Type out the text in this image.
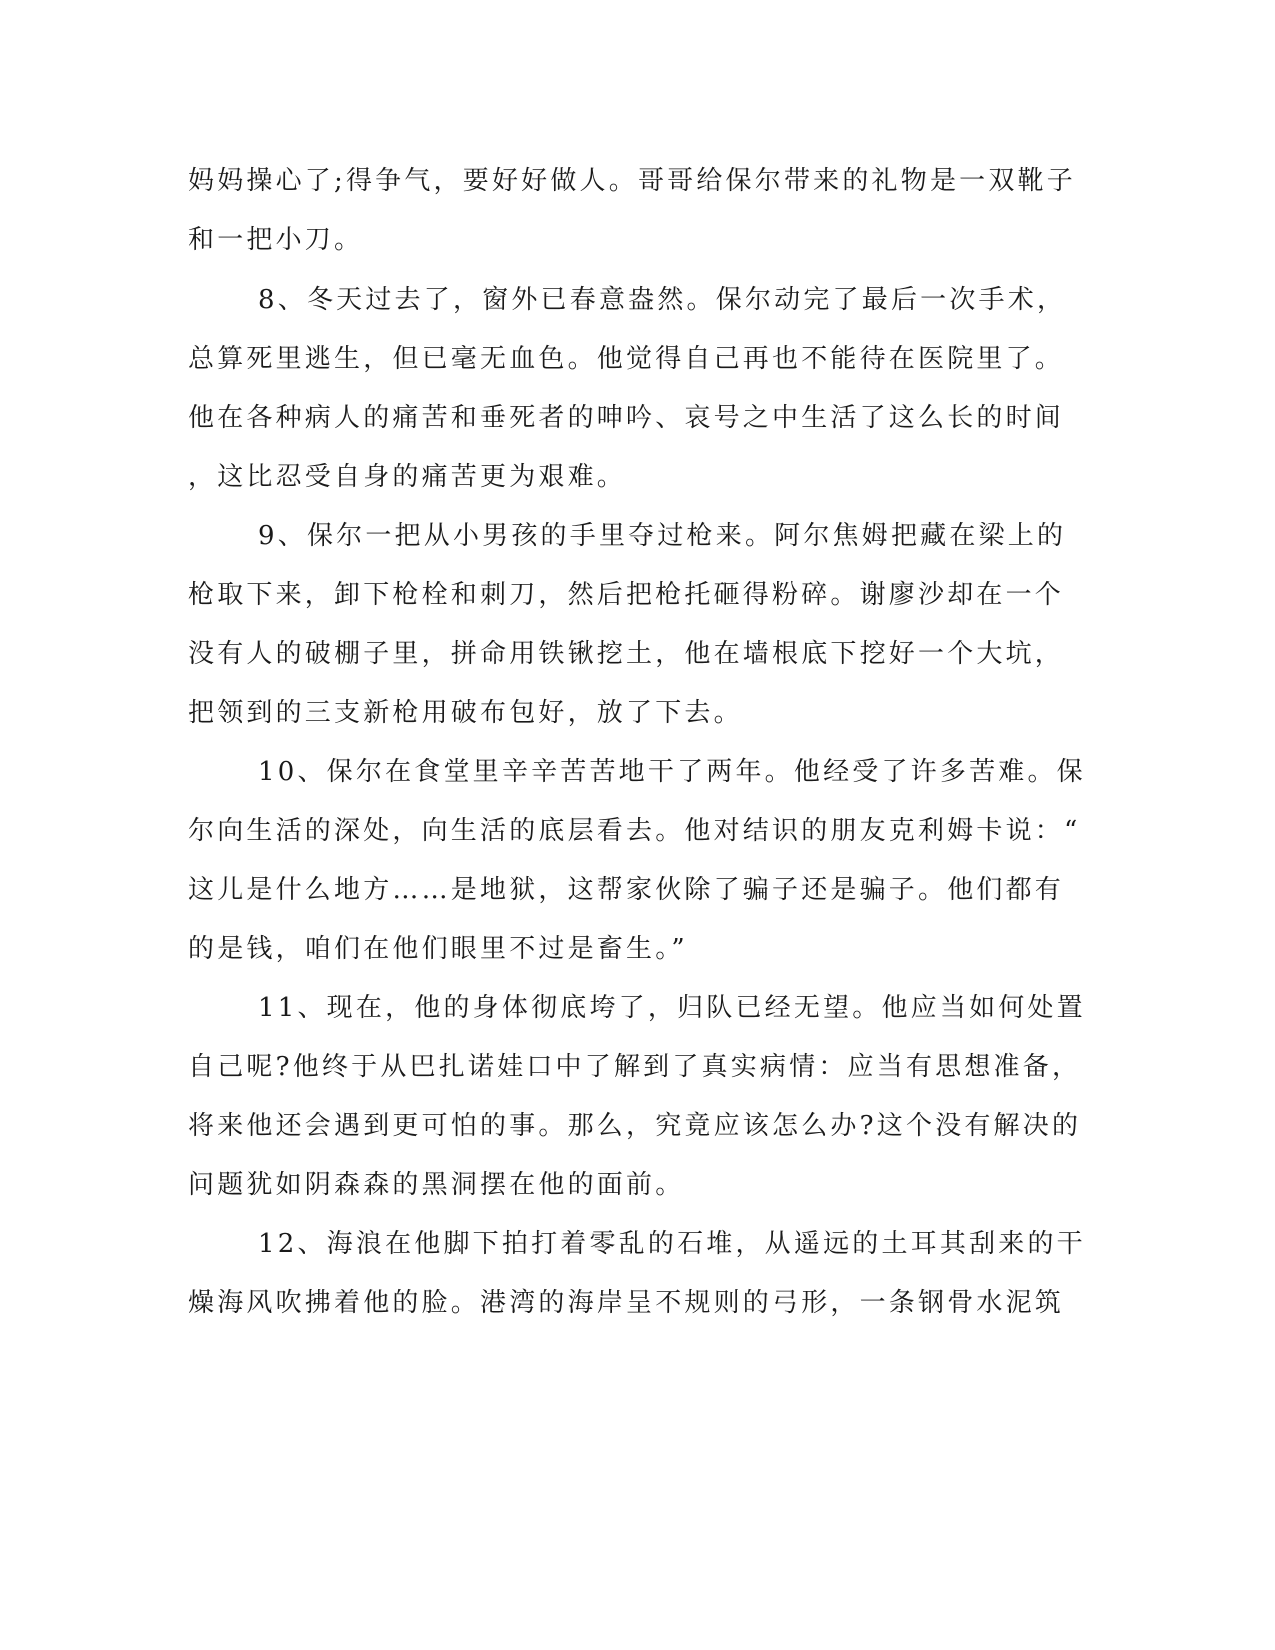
妈妈操心了;得争气，要好好做人。哥哥给保尔带来的礼物是一双靴子
和一把小刀。
8、冬天过去了，窗外已春意盎然。保尔动完了最后一次手术，
总算死里逃生，但已毫无血色。他觉得自己再也不能待在医院里了。
他在各种病人的痛苦和垂死者的呻吟、哀号之中生活了这么长的时间
，这比忍受自身的痛苦更为艰难。
9、保尔一把从小男孩的手里夺过枪来。阿尔焦姆把藏在梁上的
枪取下来，卸下枪栓和刺刀，然后把枪托砸得粉碎。谢廖沙却在一个
没有人的破棚子里，拼命用铁锹挖土，他在墙根底下挖好一个大坑，
把领到的三支新枪用破布包好，放了下去。
10、保尔在食堂里辛辛苦苦地干了两年。他经受了许多苦难。保
尔向生活的深处，向生活的底层看去。他对结识的朋友克利姆卡说：“
这儿是什么地方……是地狱，这帮家伙除了骗子还是骗子。他们都有
的是钱，咱们在他们眼里不过是畜生。”
11、现在，他的身体彻底垮了，归队已经无望。他应当如何处置
自己呢?他终于从巴扎诺娃口中了解到了真实病情：应当有思想准备，
将来他还会遇到更可怕的事。那么，究竟应该怎么办?这个没有解决的
问题犹如阴森森的黑洞摆在他的面前。
12、海浪在他脚下拍打着零乱的石堆，从遥远的土耳其刮来的干
燥海风吹拂着他的脸。港湾的海岸呈不规则的弓形，一条钢骨水泥筑
